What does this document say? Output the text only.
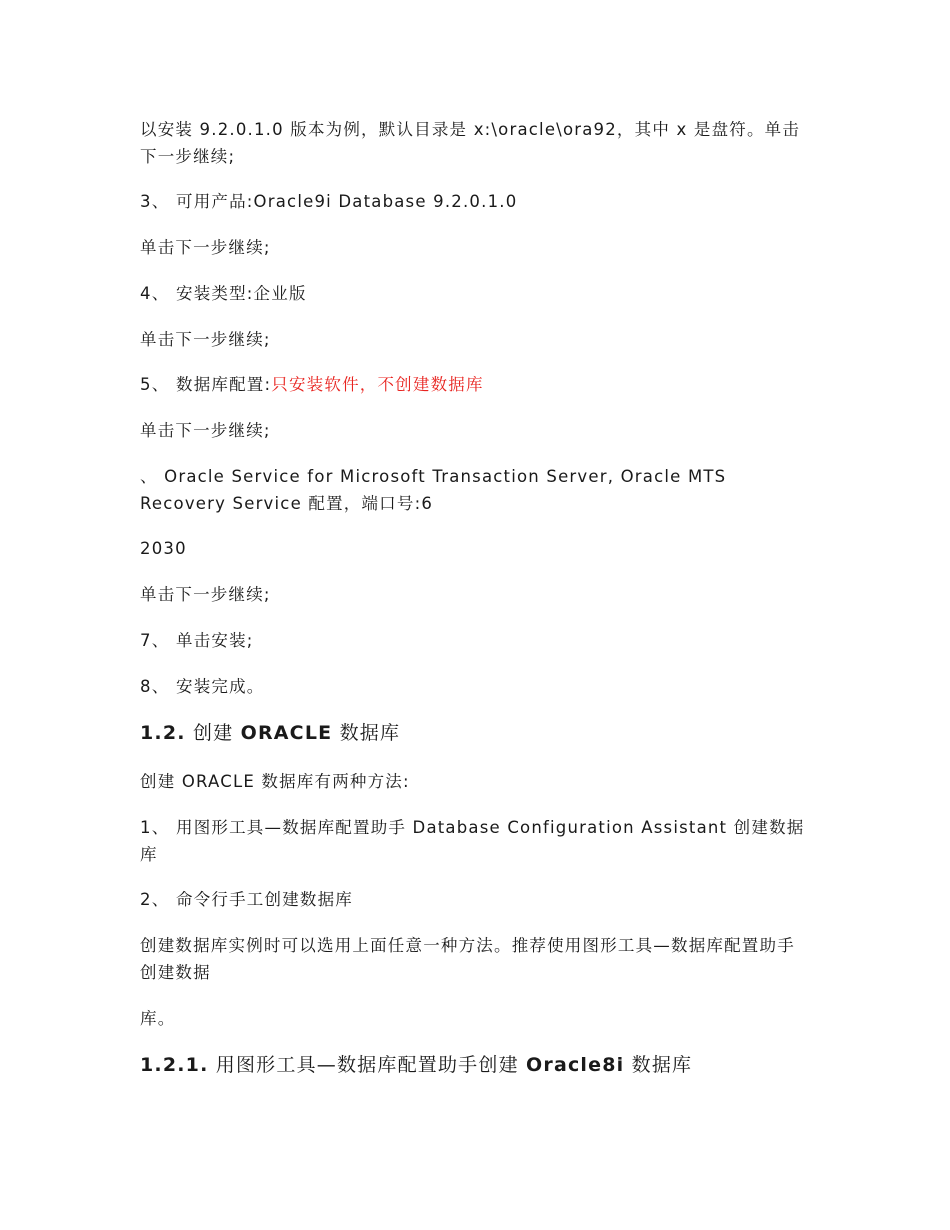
以安装 9.2.0.1.0 版本为例，默认目录是 x:\oracle\ora92，其中 x 是盘符。单击下一步继续;

3、 可用产品:Oracle9i Database 9.2.0.1.0

单击下一步继续;

4、 安装类型:企业版

单击下一步继续;

5、 数据库配置:只安装软件，不创建数据库

单击下一步继续;

、 Oracle Service for Microsoft Transaction Server, Oracle MTS Recovery Service 配置，端口号:6

2030

单击下一步继续;

7、 单击安装;

8、 安装完成。

1.2. 创建 ORACLE 数据库

创建 ORACLE 数据库有两种方法:

1、 用图形工具—数据库配置助手 Database Configuration Assistant 创建数据库

2、 命令行手工创建数据库

创建数据库实例时可以选用上面任意一种方法。推荐使用图形工具—数据库配置助手创建数据

库。

1.2.1. 用图形工具—数据库配置助手创建 Oracle8i 数据库
